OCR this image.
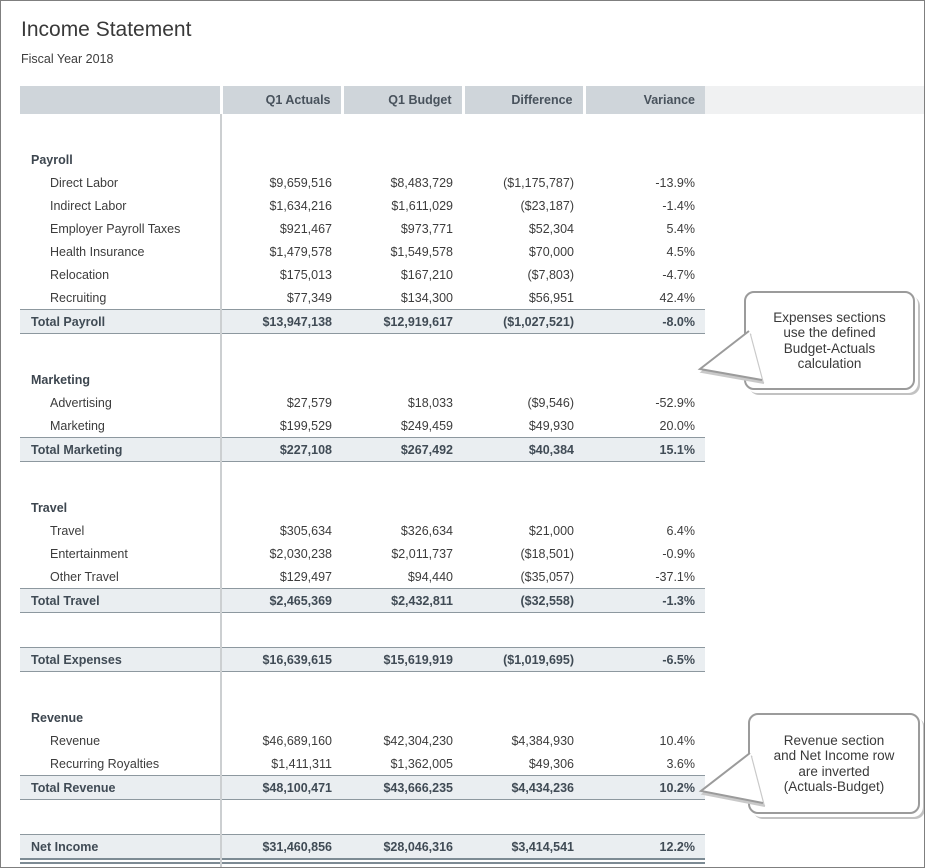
Income Statement
Fiscal Year 2018
	Q1 Actuals	Q1 Budget	Difference	Variance

Payroll				
Direct Labor	$9,659,516	$8,483,729	($1,175,787)	-13.9%
Indirect Labor	$1,634,216	$1,611,029	($23,187)	-1.4%
Employer Payroll Taxes	$921,467	$973,771	$52,304	5.4%
Health Insurance	$1,479,578	$1,549,578	$70,000	4.5%
Relocation	$175,013	$167,210	($7,803)	-4.7%
Recruiting	$77,349	$134,300	$56,951	42.4%
Total Payroll	$13,947,138	$12,919,617	($1,027,521)	-8.0%

Marketing				
Advertising	$27,579	$18,033	($9,546)	-52.9%
Marketing	$199,529	$249,459	$49,930	20.0%
Total Marketing	$227,108	$267,492	$40,384	15.1%

Travel				
Travel	$305,634	$326,634	$21,000	6.4%
Entertainment	$2,030,238	$2,011,737	($18,501)	-0.9%
Other Travel	$129,497	$94,440	($35,057)	-37.1%
Total Travel	$2,465,369	$2,432,811	($32,558)	-1.3%

Total Expenses	$16,639,615	$15,619,919	($1,019,695)	-6.5%

Revenue				
Revenue	$46,689,160	$42,304,230	$4,384,930	10.4%
Recurring Royalties	$1,411,311	$1,362,005	$49,306	3.6%
Total Revenue	$48,100,471	$43,666,235	$4,434,236	10.2%

Net Income	$31,460,856	$28,046,316	$3,414,541	12.2%
Expenses sections
use the defined
Budget-Actuals
calculation
Revenue section
and Net Income row
are inverted
(Actuals-Budget)
